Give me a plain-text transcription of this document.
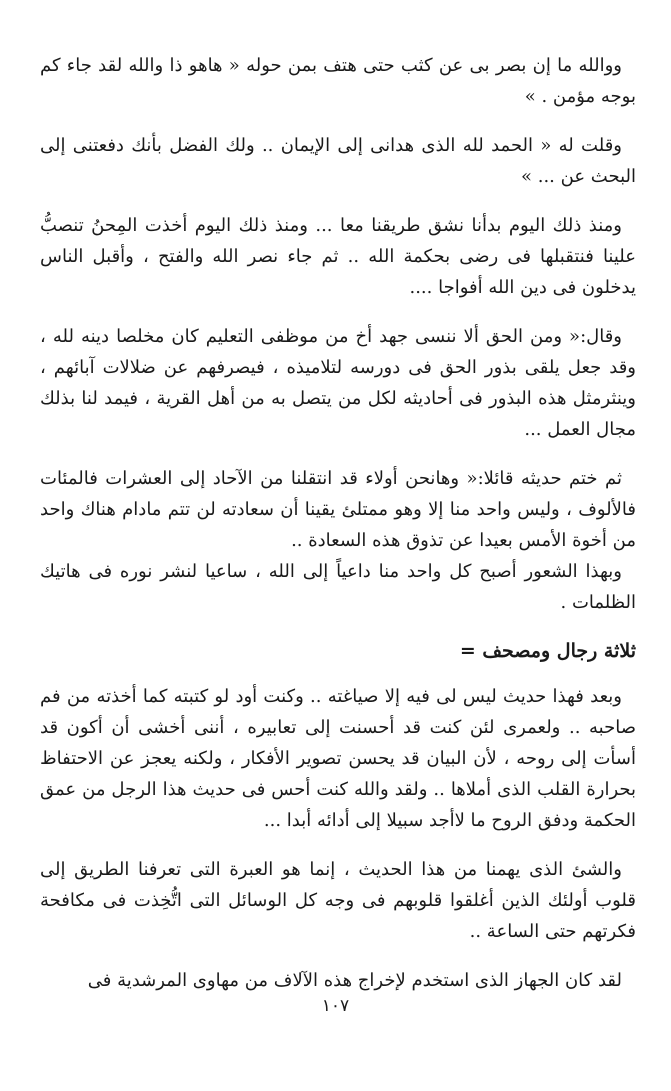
ووالله ما إن بصر بى عن كثب حتى هتف بمن حوله « هاهو ذا والله لقد جاء كم بوجه مؤمن . »

وقلت له « الحمد لله الذى هدانى إلى الإيمان .. ولك الفضل بأنك دفعتنى إلى البحث عن ... »

ومنذ ذلك اليوم بدأنا نشق طريقنا معا ... ومنذ ذلك اليوم أخذت المِحنُ تنصبُّ علينا فنتقبلها فى رضى بحكمة الله .. ثم جاء نصر الله والفتح ، وأقبل الناس يدخلون فى دين الله أفواجا ....

وقال:« ومن الحق ألا ننسى جهد أخ من موظفى التعليم كان مخلصا دينه لله ، وقد جعل يلقى بذور الحق فى دورسه لتلاميذه ، فيصرفهم عن ضلالات آبائهم ، وينثرمثل هذه البذور فى أحاديثه لكل من يتصل به من أهل القرية ، فيمد لنا بذلك مجال العمل ...

ثم ختم حديثه قائلا:« وهانحن أولاء قد انتقلنا من الآحاد إلى العشرات فالمئات فالألوف ، وليس واحد منا إلا وهو ممتلئ يقينا أن سعادته لن تتم مادام هناك واحد من أخوة الأمس بعيدا عن تذوق هذه السعادة ..

وبهذا الشعور أصبح كل واحد منا داعياً إلى الله ، ساعيا لنشر نوره فى هاتيك الظلمات .

ثلاثة رجال ومصحف =

وبعد فهذا حديث ليس لى فيه إلا صياغته .. وكنت أود لو كتبته كما أخذته من فم صاحبه .. ولعمرى لئن كنت قد أحسنت إلى تعابيره ، أننى أخشى أن أكون قد أسأت إلى روحه ، لأن البيان قد يحسن تصوير الأفكار ، ولكنه يعجز عن الاحتفاظ بحرارة القلب الذى أملاها .. ولقد والله كنت أحس فى حديث هذا الرجل من عمق الحكمة ودفق الروح ما لاأجد سبيلا إلى أدائه أبدا ...

والشئ الذى يهمنا من هذا الحديث ، إنما هو العبرة التى تعرفنا الطريق إلى قلوب أولئك الذين أغلقوا قلوبهم فى وجه كل الوسائل التى اتُّخِذت فى مكافحة فكرتهم حتى الساعة ..

لقد كان الجهاز الذى استخدم لإخراج هذه الآلاف من مهاوى المرشدية فى

١٠٧
